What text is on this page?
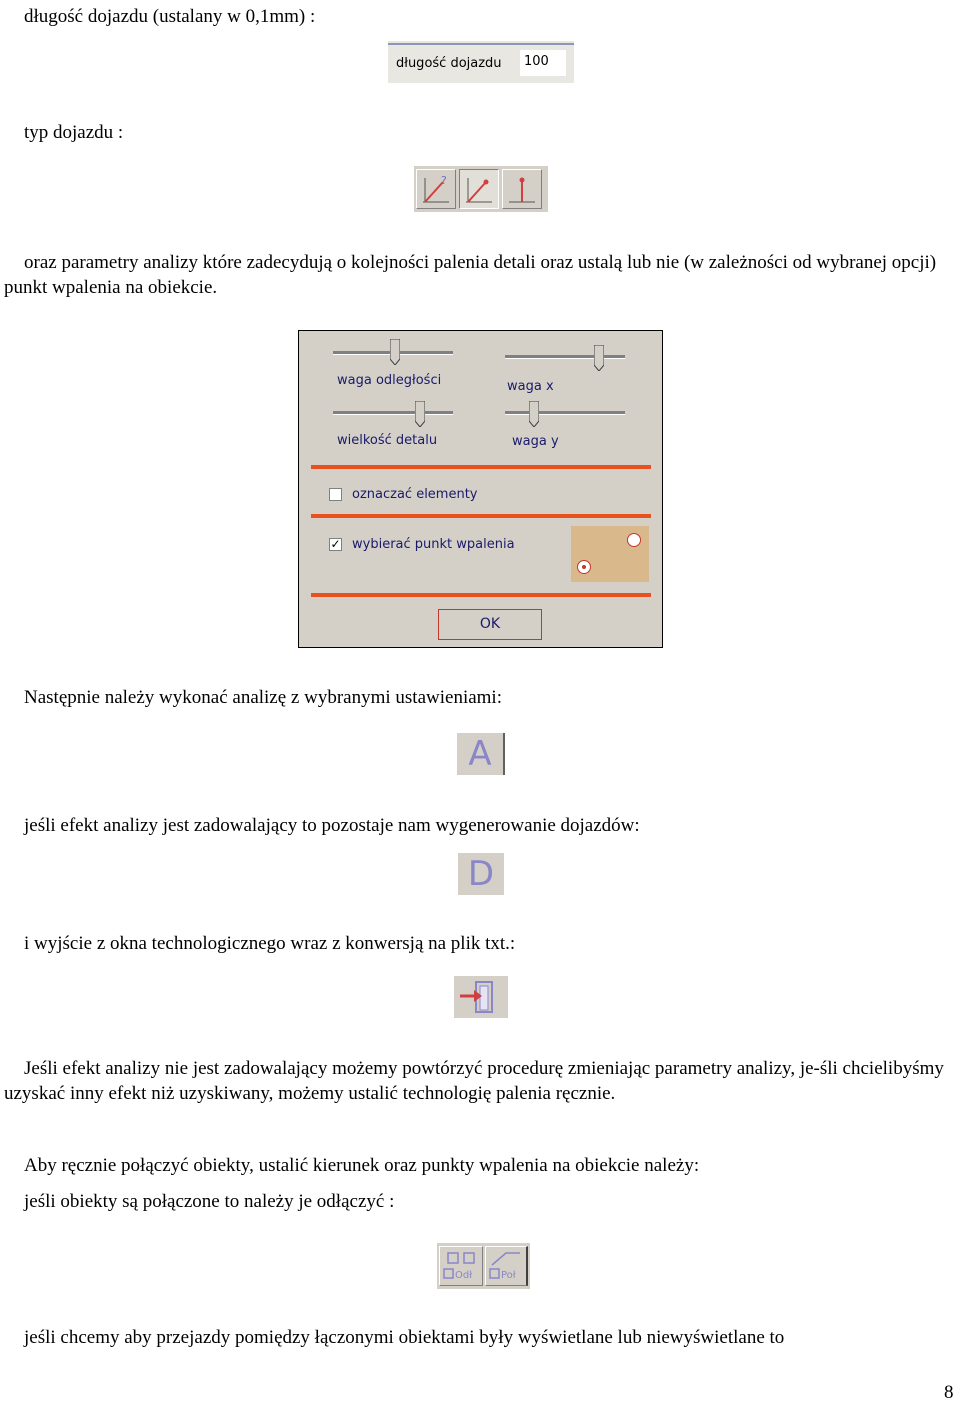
długość dojazdu (ustalany w 0,1mm) :
długość dojazdu 100
typ dojazdu :
?
oraz parametry analizy które zadecydują o kolejności palenia detali oraz ustalą lub nie (w zależności od wybranej opcji) punkt wpalenia na obiekcie.
waga odległości	waga x
wielkość detalu	waga y
oznaczać elementy
✓ wybierać punkt wpalenia
OK
Następnie należy wykonać analizę z wybranymi ustawieniami:
A
jeśli efekt analizy jest zadowalający to pozostaje nam wygenerowanie dojazdów:
D
i wyjście z okna technologicznego wraz z konwersją na plik txt.:
Jeśli efekt analizy nie jest zadowalający możemy powtórzyć procedurę zmieniając parametry analizy, je-śli chcielibyśmy uzyskać inny efekt niż uzyskiwany, możemy ustalić technologię palenia ręcznie.
Aby ręcznie połączyć obiekty, ustalić kierunek oraz punkty wpalenia na obiekcie należy:
jeśli obiekty są połączone to należy je odłączyć :
Odł	Poł
jeśli chcemy aby przejazdy pomiędzy łączonymi obiektami były wyświetlane lub niewyświetlane to
8
